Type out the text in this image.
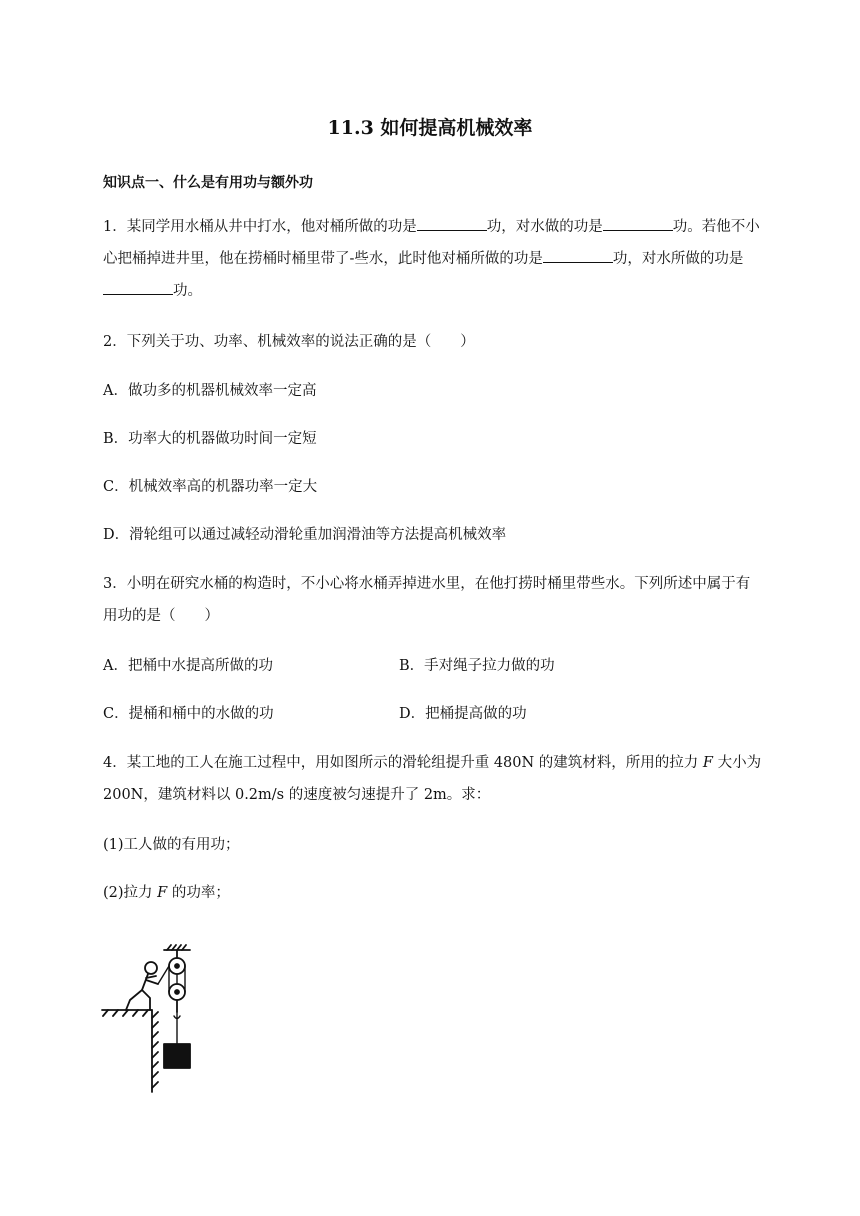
11.3 如何提高机械效率

知识点一、什么是有用功与额外功

1．某同学用水桶从井中打水，他对桶所做的功是	功，对水做的功是	功。若他不小心把桶掉进井里，他在捞桶时桶里带了-些水，此时他对桶所做的功是	功，对水所做的功是功。

2．下列关于功、功率、机械效率的说法正确的是（　　）

A．做功多的机器机械效率一定高

B．功率大的机器做功时间一定短

C．机械效率高的机器功率一定大

D．滑轮组可以通过减轻动滑轮重加润滑油等方法提高机械效率

3．小明在研究水桶的构造时，不小心将水桶弄掉进水里，在他打捞时桶里带些水。下列所述中属于有用功的是（　　）

A．把桶中水提高所做的功	B．手对绳子拉力做的功

C．提桶和桶中的水做的功	D．把桶提高做的功

4．某工地的工人在施工过程中，用如图所示的滑轮组提升重 480N 的建筑材料，所用的拉力 F 大小为 200N，建筑材料以 0.2m/s 的速度被匀速提升了 2m。求：

(1)工人做的有用功；

(2)拉力 F 的功率；
